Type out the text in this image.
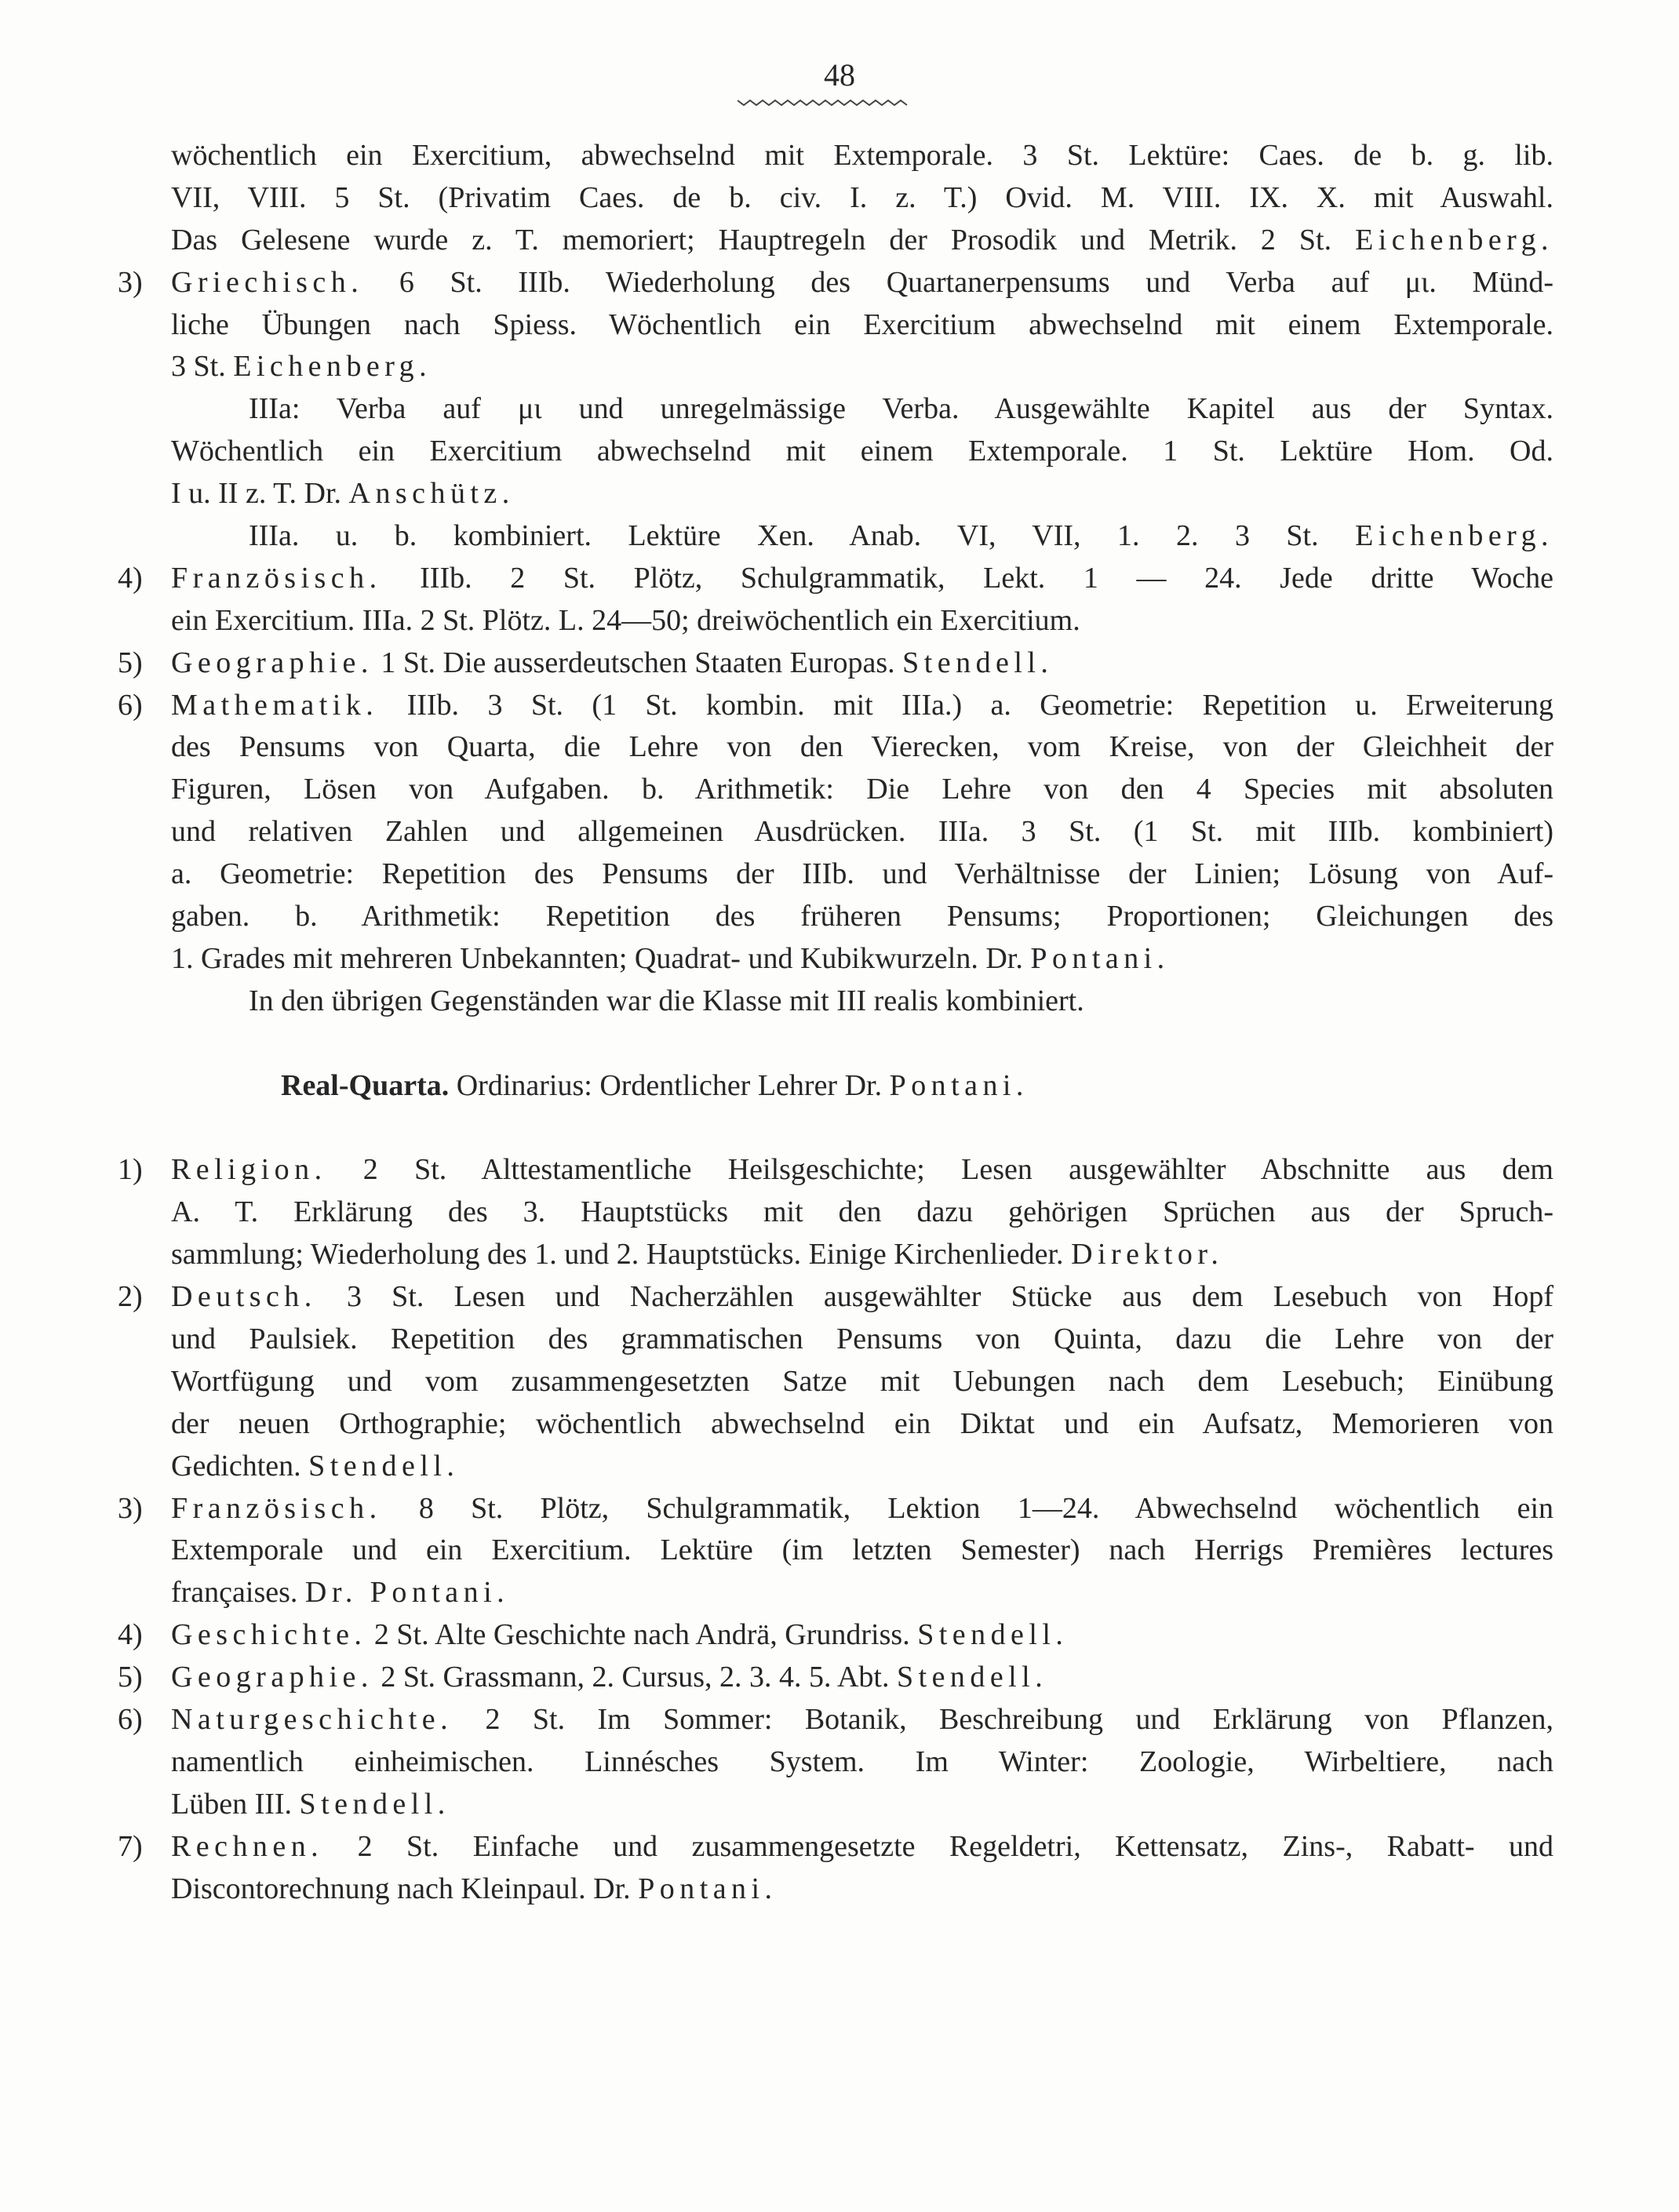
48
wöchentlich ein Exercitium, abwechselnd mit Extemporale. 3 St. Lektüre: Caes. de b. g. lib.
VII, VIII. 5 St. (Privatim Caes. de b. civ. I. z. T.) Ovid. M. VIII. IX. X. mit Auswahl.
Das Gelesene wurde z. T. memoriert; Hauptregeln der Prosodik und Metrik. 2 St. Eichenberg.
3) Griechisch. 6 St. IIIb. Wiederholung des Quartanerpensums und Verba auf μι. Münd-
liche Übungen nach Spiess. Wöchentlich ein Exercitium abwechselnd mit einem Extemporale.
3 St. Eichenberg.
IIIa: Verba auf μι und unregelmässige Verba. Ausgewählte Kapitel aus der Syntax.
Wöchentlich ein Exercitium abwechselnd mit einem Extemporale. 1 St. Lektüre Hom. Od.
I u. II z. T. Dr. Anschütz.
IIIa. u. b. kombiniert. Lektüre Xen. Anab. VI, VII, 1. 2. 3 St. Eichenberg.
4) Französisch. IIIb. 2 St. Plötz, Schulgrammatik, Lekt. 1 — 24. Jede dritte Woche
ein Exercitium. IIIa. 2 St. Plötz. L. 24—50; dreiwöchentlich ein Exercitium.
5) Geographie. 1 St. Die ausserdeutschen Staaten Europas. Stendell.
6) Mathematik. IIIb. 3 St. (1 St. kombin. mit IIIa.) a. Geometrie: Repetition u. Erweiterung
des Pensums von Quarta, die Lehre von den Vierecken, vom Kreise, von der Gleichheit der
Figuren, Lösen von Aufgaben. b. Arithmetik: Die Lehre von den 4 Species mit absoluten
und relativen Zahlen und allgemeinen Ausdrücken. IIIa. 3 St. (1 St. mit IIIb. kombiniert)
a. Geometrie: Repetition des Pensums der IIIb. und Verhältnisse der Linien; Lösung von Auf-
gaben. b. Arithmetik: Repetition des früheren Pensums; Proportionen; Gleichungen des
1. Grades mit mehreren Unbekannten; Quadrat- und Kubikwurzeln. Dr. Pontani.
In den übrigen Gegenständen war die Klasse mit III realis kombiniert.
Real-Quarta. Ordinarius: Ordentlicher Lehrer Dr. Pontani.
1) Religion. 2 St. Alttestamentliche Heilsgeschichte; Lesen ausgewählter Abschnitte aus dem
A. T. Erklärung des 3. Hauptstücks mit den dazu gehörigen Sprüchen aus der Spruch-
sammlung; Wiederholung des 1. und 2. Hauptstücks. Einige Kirchenlieder. Direktor.
2) Deutsch. 3 St. Lesen und Nacherzählen ausgewählter Stücke aus dem Lesebuch von Hopf
und Paulsiek. Repetition des grammatischen Pensums von Quinta, dazu die Lehre von der
Wortfügung und vom zusammengesetzten Satze mit Uebungen nach dem Lesebuch; Einübung
der neuen Orthographie; wöchentlich abwechselnd ein Diktat und ein Aufsatz, Memorieren von
Gedichten. Stendell.
3) Französisch. 8 St. Plötz, Schulgrammatik, Lektion 1—24. Abwechselnd wöchentlich ein
Extemporale und ein Exercitium. Lektüre (im letzten Semester) nach Herrigs Premières lectures
françaises. Dr. Pontani.
4) Geschichte. 2 St. Alte Geschichte nach Andrä, Grundriss. Stendell.
5) Geographie. 2 St. Grassmann, 2. Cursus, 2. 3. 4. 5. Abt. Stendell.
6) Naturgeschichte. 2 St. Im Sommer: Botanik, Beschreibung und Erklärung von Pflanzen,
namentlich einheimischen. Linnésches System. Im Winter: Zoologie, Wirbeltiere, nach
Lüben III. Stendell.
7) Rechnen. 2 St. Einfache und zusammengesetzte Regeldetri, Kettensatz, Zins-, Rabatt- und
Discontorechnung nach Kleinpaul. Dr. Pontani.
